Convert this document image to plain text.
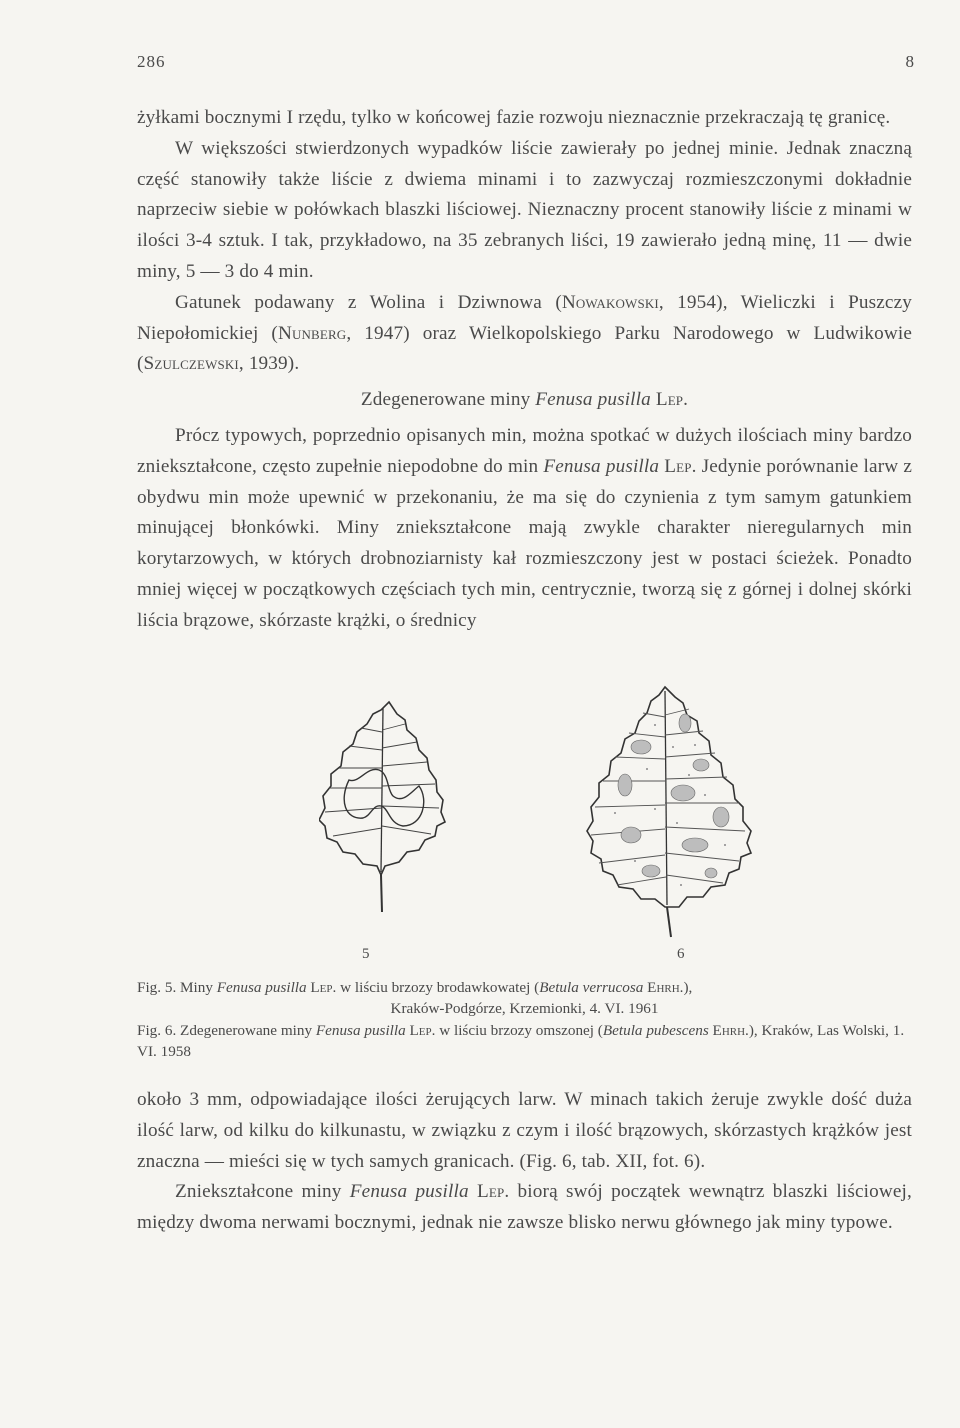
286	8

żyłkami bocznymi I rzędu, tylko w końcowej fazie rozwoju nieznacznie przekraczają tę granicę.

W większości stwierdzonych wypadków liście zawierały po jednej minie. Jednak znaczną część stanowiły także liście z dwiema minami i to zazwyczaj rozmieszczonymi dokładnie naprzeciw siebie w połówkach blaszki liściowej. Nieznaczny procent stanowiły liście z minami w ilości 3-4 sztuk. I tak, przykładowo, na 35 zebranych liści, 19 zawierało jedną minę, 11 — dwie miny, 5 — 3 do 4 min.

Gatunek podawany z Wolina i Dziwnowa (Nowakowski, 1954), Wieliczki i Puszczy Niepołomickiej (Nunberg, 1947) oraz Wielkopolskiego Parku Narodowego w Ludwikowie (Szulczewski, 1939).

Zdegenerowane miny Fenusa pusilla Lep.

Prócz typowych, poprzednio opisanych min, można spotkać w dużych ilościach miny bardzo zniekształcone, często zupełnie niepodobne do min Fenusa pusilla Lep. Jedynie porównanie larw z obydwu min może upewnić w przekonaniu, że ma się do czynienia z tym samym gatunkiem minującej błonkówki. Miny zniekształcone mają zwykle charakter nieregularnych min korytarzowych, w których drobnoziarnisty kał rozmieszczony jest w postaci ścieżek. Ponadto mniej więcej w początkowych częściach tych min, centrycznie, tworzą się z górnej i dolnej skórki liścia brązowe, skórzaste krążki, o średnicy

5	6

Fig. 5. Miny Fenusa pusilla Lep. w liściu brzozy brodawkowatej (Betula verrucosa Ehrh.),
Kraków-Podgórze, Krzemionki, 4. VI. 1961

Fig. 6. Zdegenerowane miny Fenusa pusilla Lep. w liściu brzozy omszonej (Betula pubescens Ehrh.), Kraków, Las Wolski, 1. VI. 1958

około 3 mm, odpowiadające ilości żerujących larw. W minach takich żeruje zwykle dość duża ilość larw, od kilku do kilkunastu, w związku z czym i ilość brązowych, skórzastych krążków jest znaczna — mieści się w tych samych granicach. (Fig. 6, tab. XII, fot. 6).

Zniekształcone miny Fenusa pusilla Lep. biorą swój początek wewnątrz blaszki liściowej, między dwoma nerwami bocznymi, jednak nie zawsze blisko nerwu głównego jak miny typowe.
